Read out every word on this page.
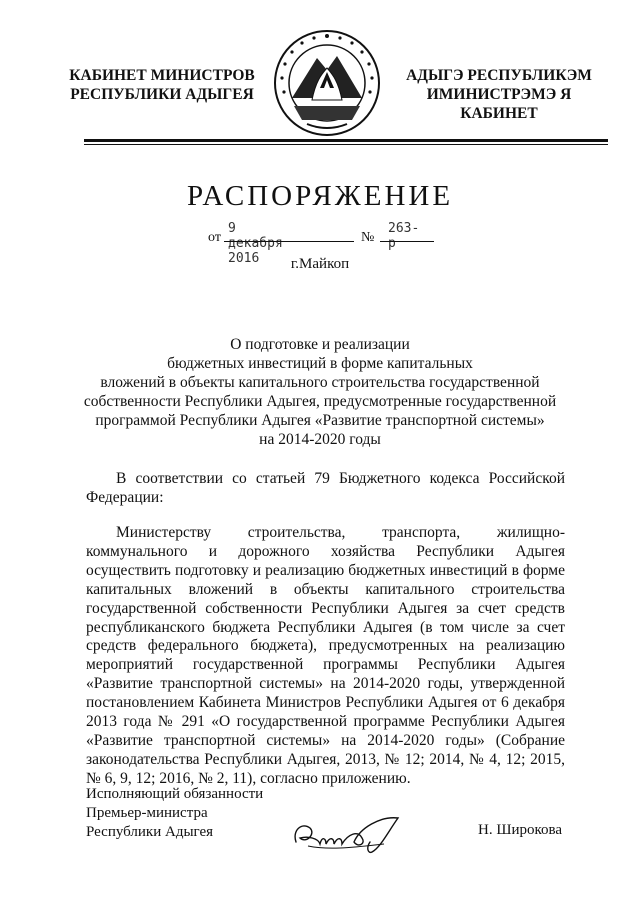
КАБИНЕТ МИНИСТРОВ
РЕСПУБЛИКИ АДЫГЕЯ
АДЫГЭ РЕСПУБЛИКЭМ
ИМИНИСТРЭМЭ Я КАБИНЕТ
РАСПОРЯЖЕНИЕ
от
9 декабря 2016
№
263-р
г.Майкоп
О подготовке и реализации
бюджетных инвестиций в форме капитальных
вложений в объекты капитального строительства государственной
собственности Республики Адыгея, предусмотренные государственной
программой Республики Адыгея «Развитие транспортной системы»
на 2014-2020 годы
В соответствии со статьей 79 Бюджетного кодекса Российской Федерации:
Министерству строительства, транспорта, жилищно-коммунального и дорожного хозяйства Республики Адыгея осуществить подготовку и реализацию бюджетных инвестиций в форме капитальных вложений в объекты капитального строительства государственной собственности Республики Адыгея за счет средств республиканского бюджета Республики Адыгея (в том числе за счет средств федерального бюджета), предусмотренных на реализацию мероприятий государственной программы Республики Адыгея «Развитие транспортной системы» на 2014-2020 годы, утвержденной постановлением Кабинета Министров Республики Адыгея от 6 декабря 2013 года № 291 «О государственной программе Республики Адыгея «Развитие транспортной системы» на 2014-2020 годы» (Собрание законодательства Республики Адыгея, 2013, № 12; 2014, № 4, 12; 2015, № 6, 9, 12; 2016, № 2, 11), согласно приложению.
Исполняющий обязанности
Премьер-министра
Республики Адыгея	Н. Широкова
